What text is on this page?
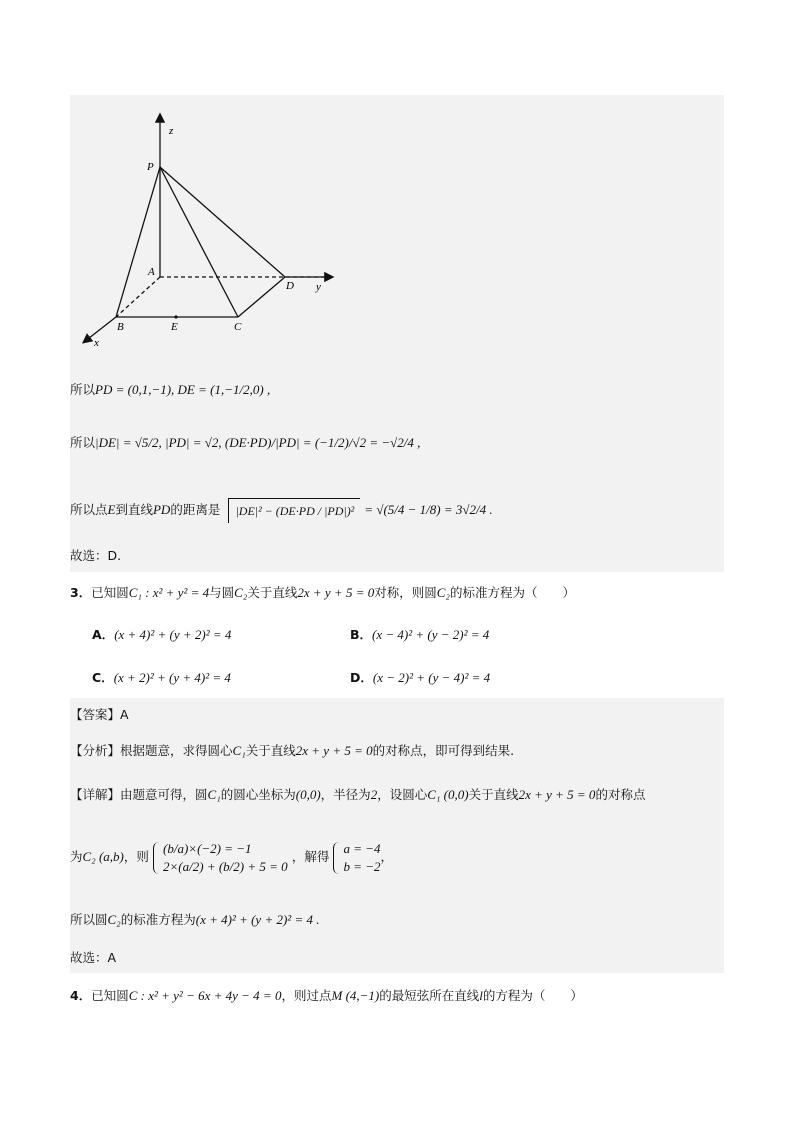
z
P
A
D y
B	E	C
x
所以PD = (0,1,−1), DE = (1,−1/2,0) ,
所以|DE| = √5/2, |PD| = √2, (DE·PD)/|PD| = (−1/2)/√2 = −√2/4 ,
所以点E到直线PD的距离是 |DE|² − (DE·PD / |PD|)² = √(5/4 − 1/8) = 3√2/4 .
故选：D.
3．已知圆C₁ : x² + y² = 4与圆C₂关于直线2x + y + 5 = 0对称，则圆C₂的标准方程为（　　）
A．(x + 4)² + (y + 2)² = 4	B．(x − 4)² + (y − 2)² = 4
C．(x + 2)² + (y + 4)² = 4	D．(x − 2)² + (y − 4)² = 4
【答案】A
【分析】根据题意，求得圆心C₁关于直线2x + y + 5 = 0的对称点，即可得到结果.
【详解】由题意可得，圆C₁的圆心坐标为(0,0)，半径为2，设圆心C₁ (0,0)关于直线2x + y + 5 = 0的对称点
为C₂ (a,b)，则
(b/a)×(−2) = −1
2×(a/2) + (b/2) + 5 = 0
，解得
a = −4
b = −2
，
所以圆C₂的标准方程为(x + 4)² + (y + 2)² = 4 .
故选：A
4．已知圆C : x² + y² − 6x + 4y − 4 = 0，则过点M (4,−1)的最短弦所在直线l的方程为（　　）
